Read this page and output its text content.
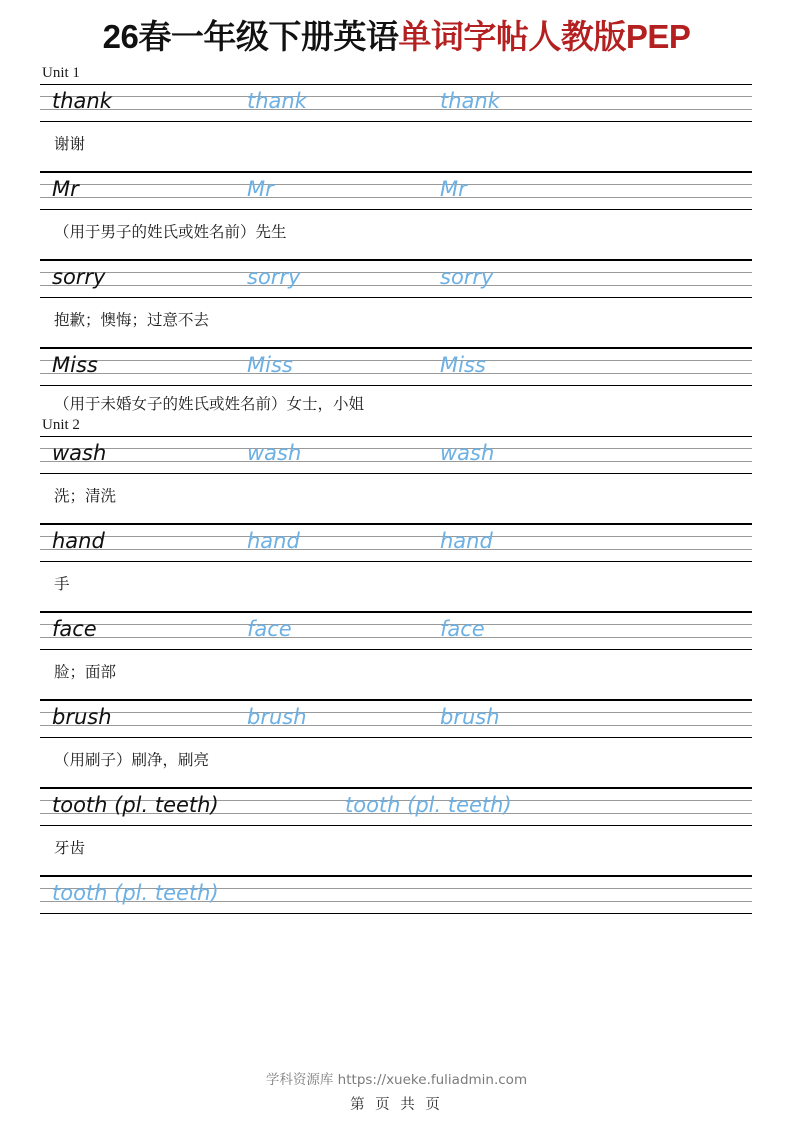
26春一年级下册英语单词字帖人教版PEP
Unit 1
thank	thank	thank
谢谢
Mr	Mr	Mr
（用于男子的姓氏或姓名前）先生
sorry	sorry	sorry
抱歉；懊悔；过意不去
Miss	Miss	Miss
（用于未婚女子的姓氏或姓名前）女士，小姐
Unit 2
wash	wash	wash
洗；清洗
hand	hand	hand
手
face	face	face
脸；面部
brush	brush	brush
（用刷子）刷净，刷亮
tooth (pl. teeth)	tooth (pl. teeth)
牙齿
tooth (pl. teeth)
学科资源库 https://xueke.fuliadmin.com
第 页 共 页
